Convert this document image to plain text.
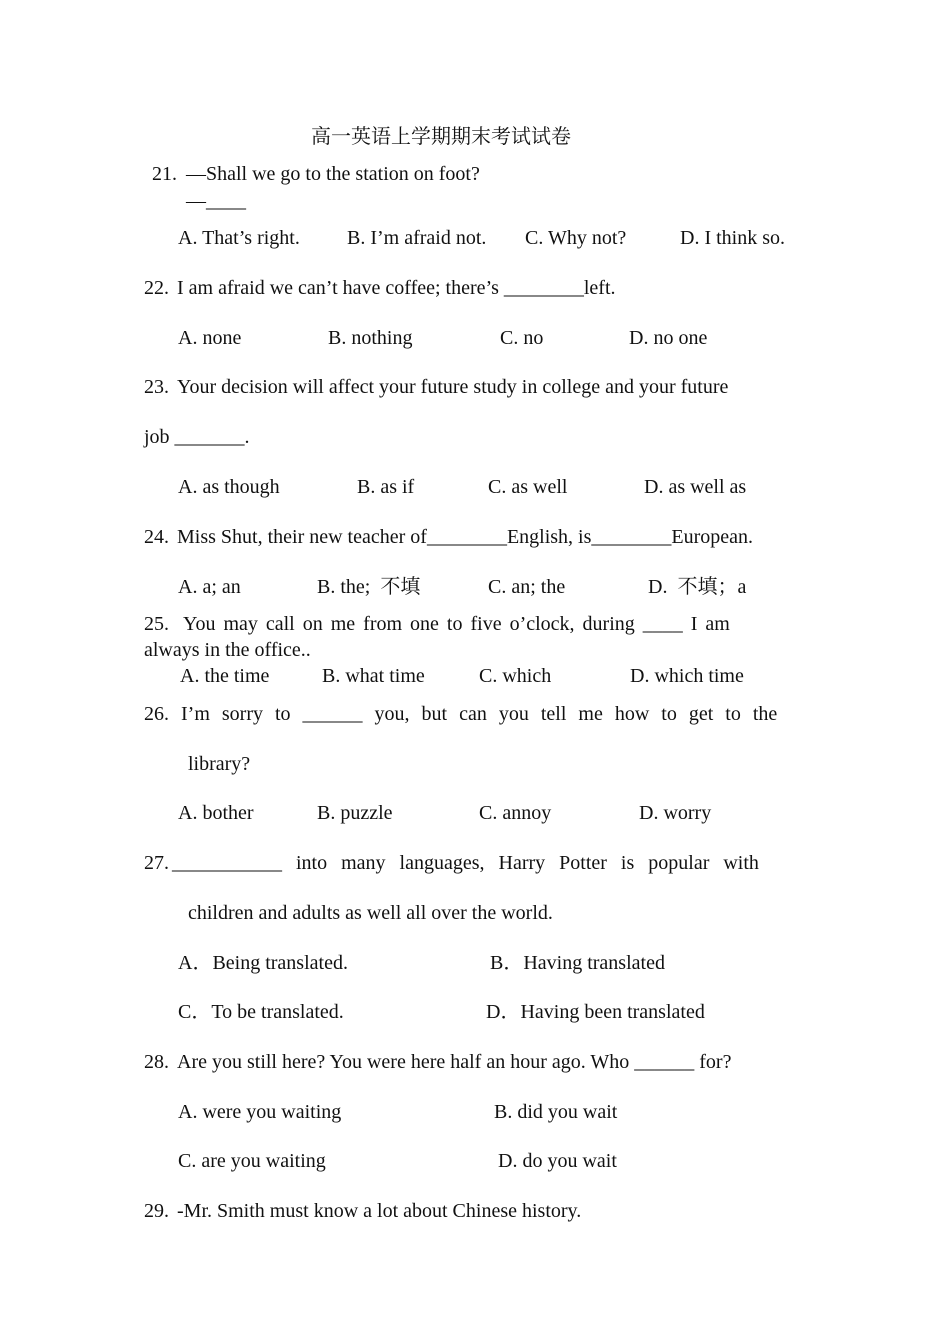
高一英语上学期期末考试试卷
21. —Shall we go to the station on foot?
—____
A. That’s right. B. I’m afraid not. C. Why not?	D. I think so.
22. I am afraid we can’t have coffee; there’s ________left.
A. none	B. nothing	C. no	D. no one
23. Your decision will affect your future study in college and your future
job _______.
A. as though	B. as if	C. as well	D. as well as
24. Miss Shut, their new teacher of________English, is________European.
A. a; an	B. the;  不填	C. an; the	D.  不填；a
25. You may call on me from one to five o’clock, during ____ I am
always in the office..
A. the time	B. what time	C. which	D. which time
26. I’m sorry to ______ you, but can you tell me how to get to the
library?
A. bother	B. puzzle	C. annoy	D. worry
27. ___________ into many languages, Harry Potter is popular with
children and adults as well all over the world.
A．Being translated.	B．Having translated
C．To be translated.	D．Having been translated
28. Are you still here? You were here half an hour ago. Who ______ for?
A. were you waiting	B. did you wait
C. are you waiting	D. do you wait
29. -Mr. Smith must know a lot about Chinese history.
